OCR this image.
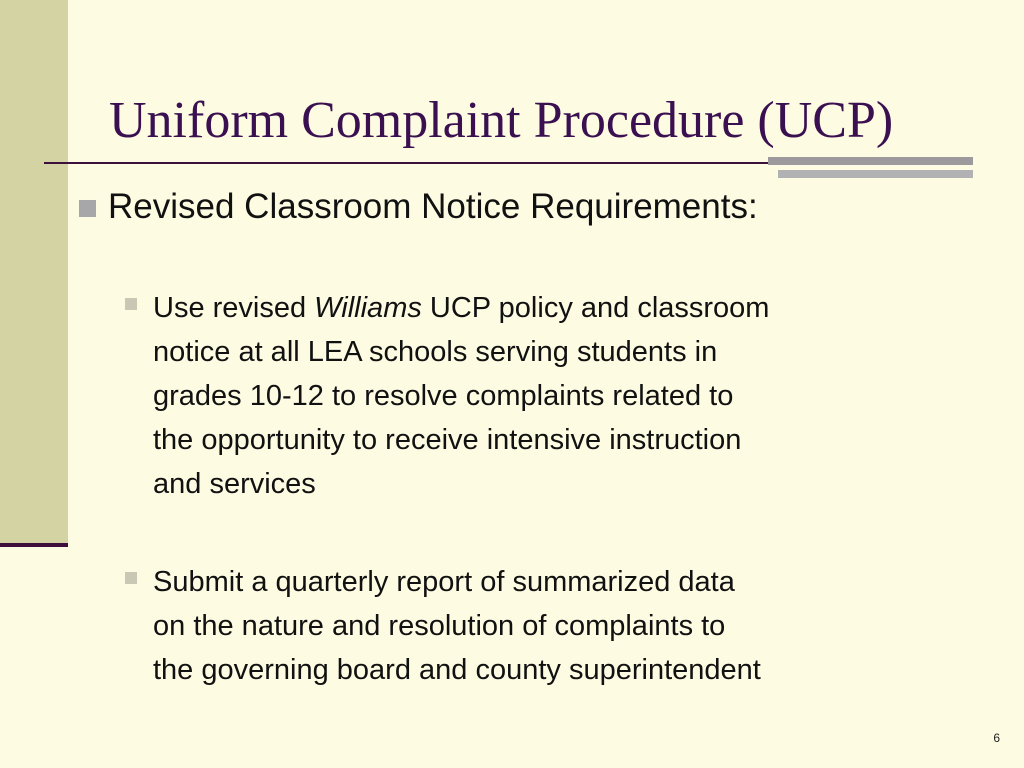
Uniform Complaint Procedure (UCP)
Revised Classroom Notice Requirements:
Use revised Williams UCP policy and classroom
notice at all LEA schools serving students in
grades 10-12 to resolve complaints related to
the opportunity to receive intensive instruction
and services
Submit a quarterly report of summarized data
on the nature and resolution of complaints to
the governing board and county superintendent
6
